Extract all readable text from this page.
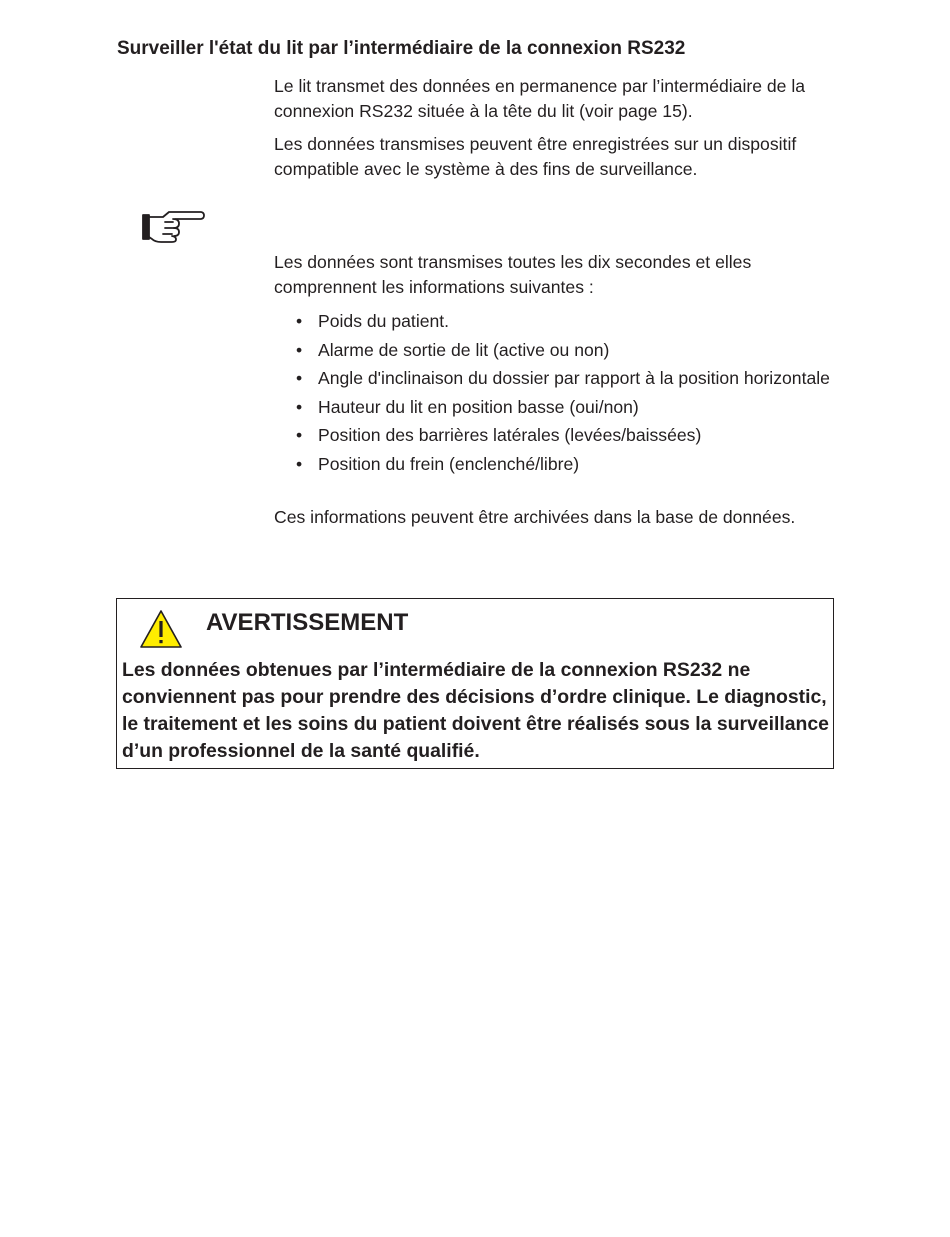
Surveiller l'état du lit par l’intermédiaire de la connexion RS232

Le lit transmet des données en permanence par l’intermédiaire de la connexion RS232 située à la tête du lit (voir page 15).

Les données transmises peuvent être enregistrées sur un dispositif compatible avec le système à des fins de surveillance.

Les données sont transmises toutes les dix secondes et elles comprennent les informations suivantes :

• Poids du patient.
• Alarme de sortie de lit (active ou non)
• Angle d'inclinaison du dossier par rapport à la position horizontale
• Hauteur du lit en position basse (oui/non)
• Position des barrières latérales (levées/baissées)
• Position du frein (enclenché/libre)

Ces informations peuvent être archivées dans la base de données.

AVERTISSEMENT

Les données obtenues par l’intermédiaire de la connexion RS232 ne conviennent pas pour prendre des décisions d’ordre clinique. Le diagnostic, le traitement et les soins du patient doivent être réalisés sous la surveillance d’un professionnel de la santé qualifié.
